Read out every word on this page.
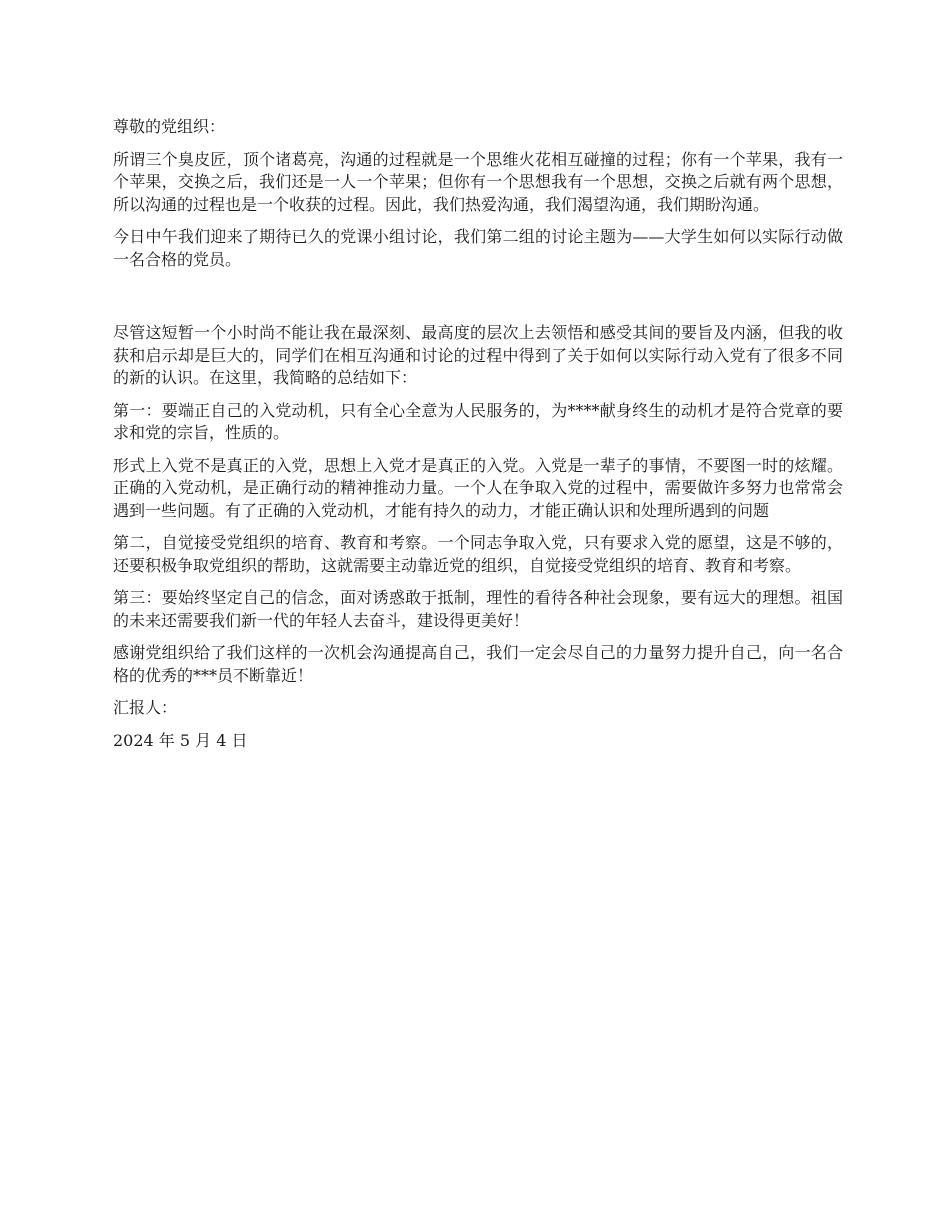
尊敬的党组织：

所谓三个臭皮匠，顶个诸葛亮，沟通的过程就是一个思维火花相互碰撞的过程；你有一个苹果，我有一个苹果，交换之后，我们还是一人一个苹果；但你有一个思想我有一个思想，交换之后就有两个思想，所以沟通的过程也是一个收获的过程。因此，我们热爱沟通，我们渴望沟通，我们期盼沟通。

今日中午我们迎来了期待已久的党课小组讨论，我们第二组的讨论主题为——大学生如何以实际行动做一名合格的党员。

尽管这短暂一个小时尚不能让我在最深刻、最高度的层次上去领悟和感受其间的要旨及内涵，但我的收获和启示却是巨大的，同学们在相互沟通和讨论的过程中得到了关于如何以实际行动入党有了很多不同的新的认识。在这里，我简略的总结如下：

第一：要端正自己的入党动机，只有全心全意为人民服务的，为****献身终生的动机才是符合党章的要求和党的宗旨，性质的。

形式上入党不是真正的入党，思想上入党才是真正的入党。入党是一辈子的事情，不要图一时的炫耀。正确的入党动机，是正确行动的精神推动力量。一个人在争取入党的过程中，需要做许多努力也常常会遇到一些问题。有了正确的入党动机，才能有持久的动力，才能正确认识和处理所遇到的问题

第二，自觉接受党组织的培育、教育和考察。一个同志争取入党，只有要求入党的愿望，这是不够的，还要积极争取党组织的帮助，这就需要主动靠近党的组织，自觉接受党组织的培育、教育和考察。

第三：要始终坚定自己的信念，面对诱惑敢于抵制，理性的看待各种社会现象，要有远大的理想。祖国的未来还需要我们新一代的年轻人去奋斗，建设得更美好！

感谢党组织给了我们这样的一次机会沟通提高自己，我们一定会尽自己的力量努力提升自己，向一名合格的优秀的***员不断靠近！

汇报人：

2024 年 5 月 4 日
